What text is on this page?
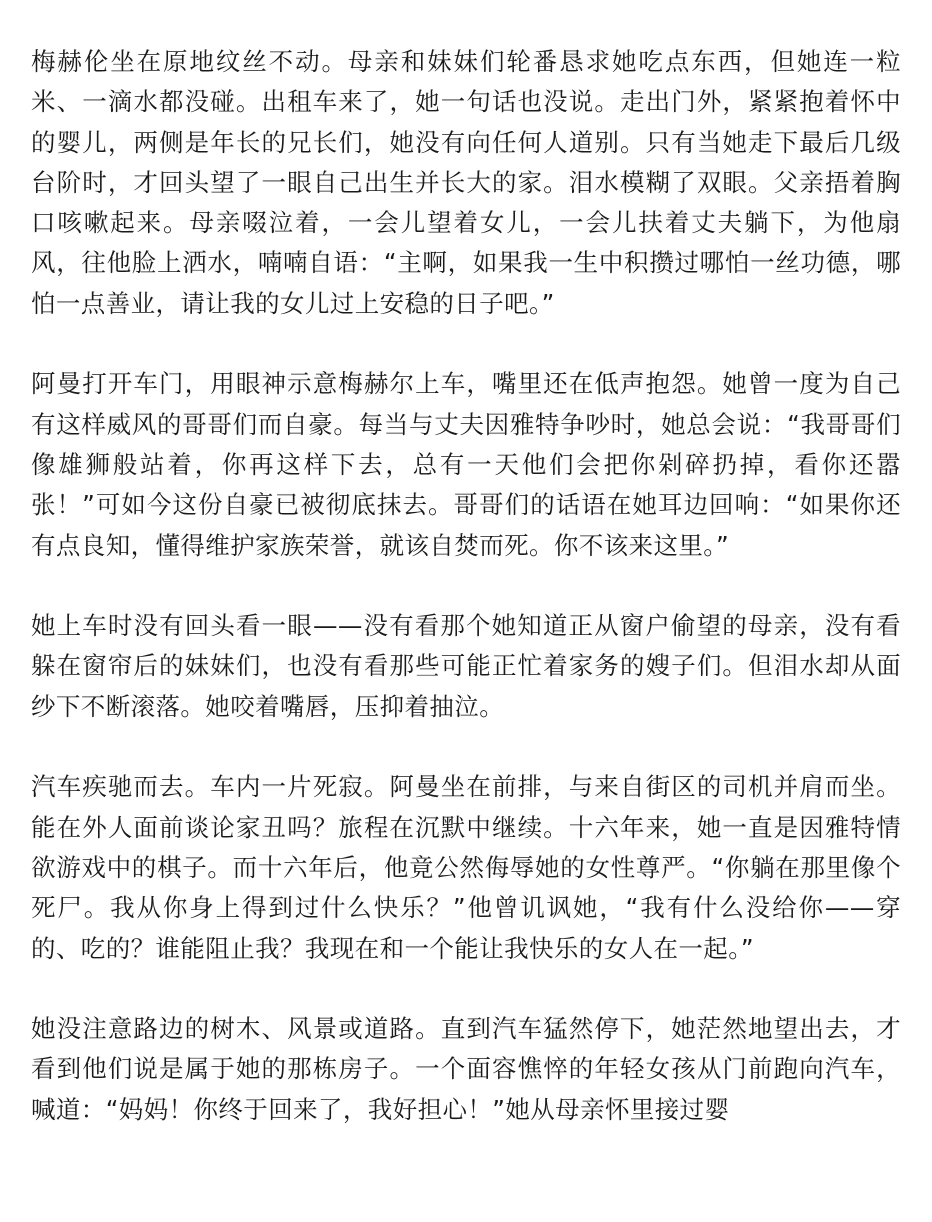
梅赫伦坐在原地纹丝不动。母亲和妹妹们轮番恳求她吃点东西，但她连一粒米、一滴水都没碰。出租车来了，她一句话也没说。走出门外，紧紧抱着怀中的婴儿，两侧是年长的兄长们，她没有向任何人道别。只有当她走下最后几级台阶时，才回头望了一眼自己出生并长大的家。泪水模糊了双眼。父亲捂着胸口咳嗽起来。母亲啜泣着，一会儿望着女儿，一会儿扶着丈夫躺下，为他扇风，往他脸上洒水，喃喃自语：“主啊，如果我一生中积攒过哪怕一丝功德，哪怕一点善业，请让我的女儿过上安稳的日子吧。”

阿曼打开车门，用眼神示意梅赫尔上车，嘴里还在低声抱怨。她曾一度为自己有这样威风的哥哥们而自豪。每当与丈夫因雅特争吵时，她总会说：“我哥哥们像雄狮般站着，你再这样下去，总有一天他们会把你剁碎扔掉，看你还嚣张！”可如今这份自豪已被彻底抹去。哥哥们的话语在她耳边回响：“如果你还有点良知，懂得维护家族荣誉，就该自焚而死。你不该来这里。”

她上车时没有回头看一眼——没有看那个她知道正从窗户偷望的母亲，没有看躲在窗帘后的妹妹们，也没有看那些可能正忙着家务的嫂子们。但泪水却从面纱下不断滚落。她咬着嘴唇，压抑着抽泣。

汽车疾驰而去。车内一片死寂。阿曼坐在前排，与来自街区的司机并肩而坐。能在外人面前谈论家丑吗？旅程在沉默中继续。十六年来，她一直是因雅特情欲游戏中的棋子。而十六年后，他竟公然侮辱她的女性尊严。“你躺在那里像个死尸。我从你身上得到过什么快乐？”他曾讥讽她，“我有什么没给你——穿的、吃的？谁能阻止我？我现在和一个能让我快乐的女人在一起。”

她没注意路边的树木、风景或道路。直到汽车猛然停下，她茫然地望出去，才看到他们说是属于她的那栋房子。一个面容憔悴的年轻女孩从门前跑向汽车，喊道：“妈妈！你终于回来了，我好担心！”她从母亲怀里接过婴
